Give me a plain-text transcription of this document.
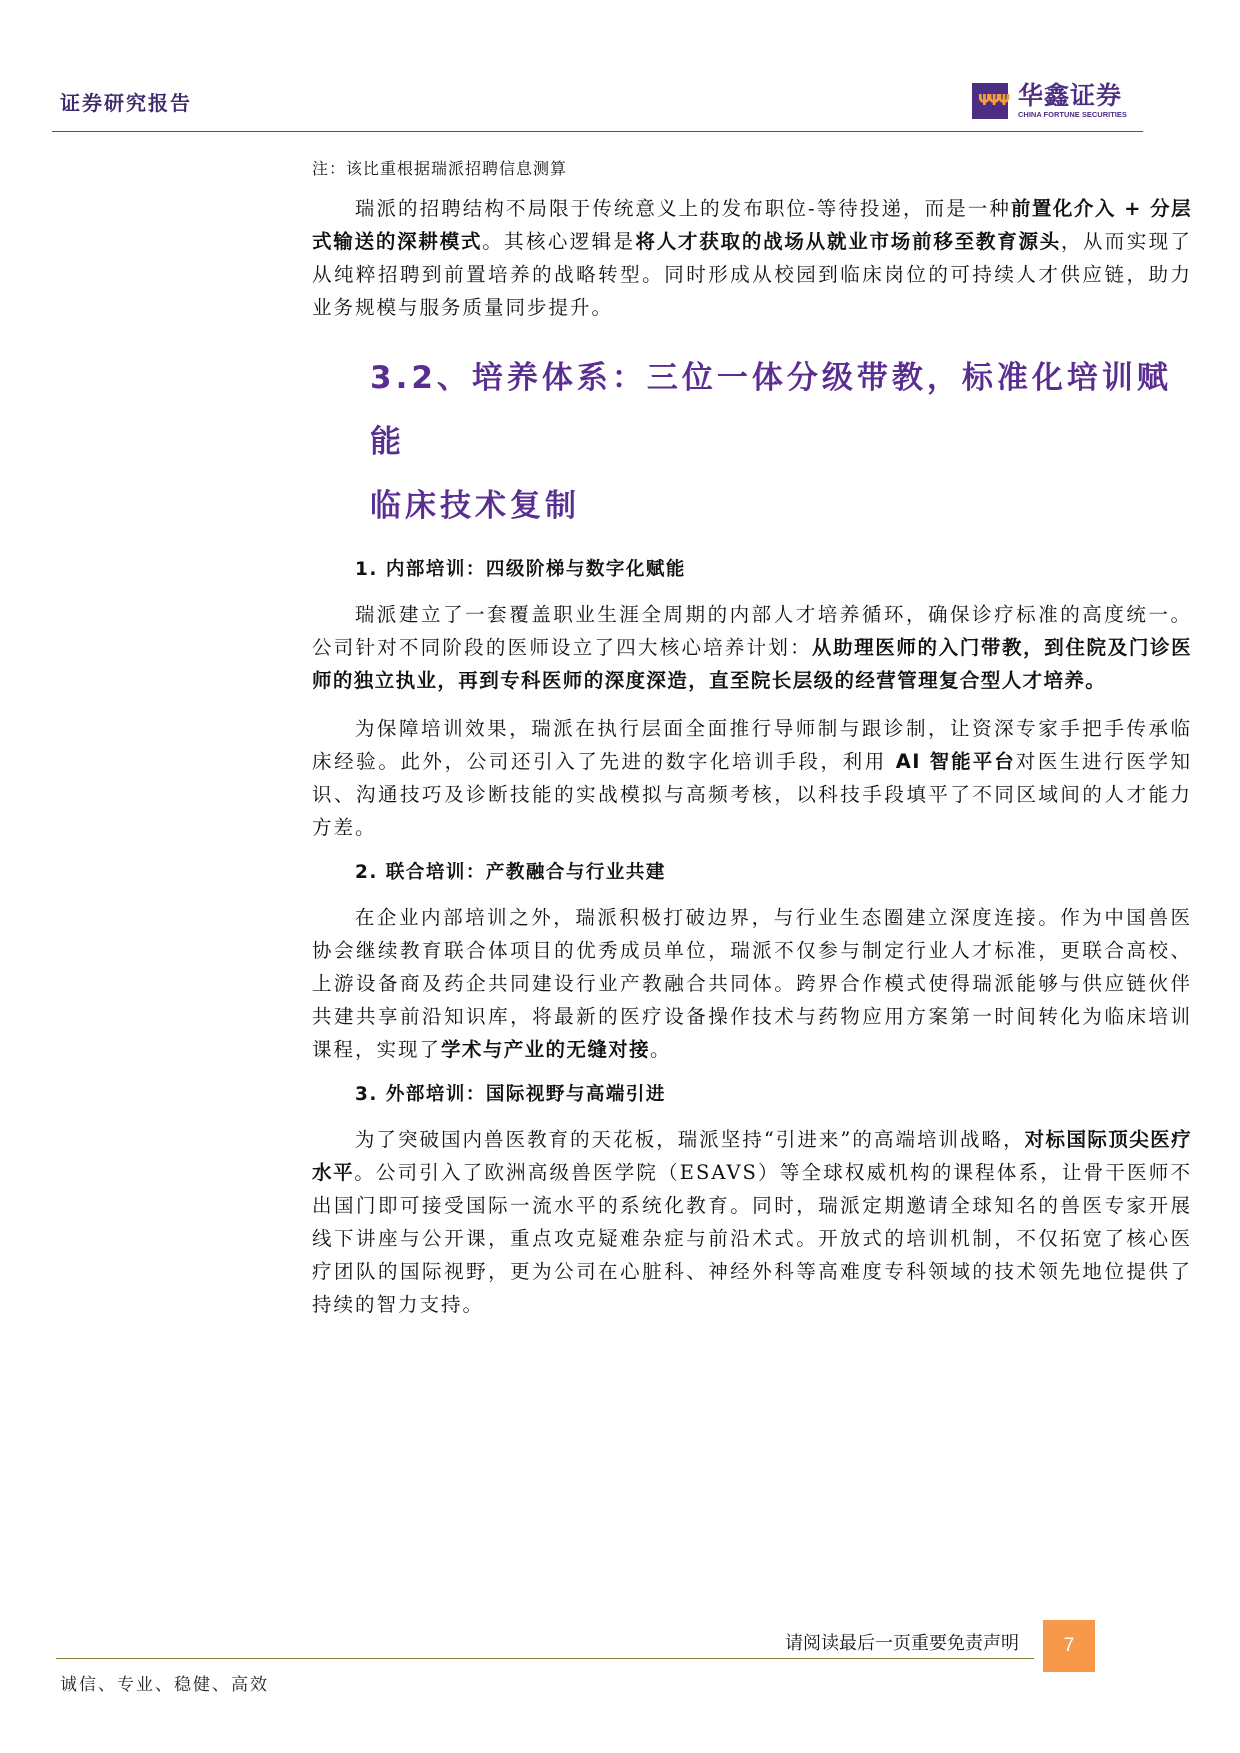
证券研究报告	ΨΨΨ 华鑫证券
CHINA FORTUNE SECURITIES
注：该比重根据瑞派招聘信息测算
瑞派的招聘结构不局限于传统意义上的发布职位-等待投递，而是一种前置化介入 + 分层式输送的深耕模式。其核心逻辑是将人才获取的战场从就业市场前移至教育源头，从而实现了从纯粹招聘到前置培养的战略转型。同时形成从校园到临床岗位的可持续人才供应链，助力业务规模与服务质量同步提升。
3.2、培养体系：三位一体分级带教，标准化培训赋能
临床技术复制
1. 内部培训：四级阶梯与数字化赋能
瑞派建立了一套覆盖职业生涯全周期的内部人才培养循环，确保诊疗标准的高度统一。公司针对不同阶段的医师设立了四大核心培养计划：从助理医师的入门带教，到住院及门诊医师的独立执业，再到专科医师的深度深造，直至院长层级的经营管理复合型人才培养。
为保障培训效果，瑞派在执行层面全面推行导师制与跟诊制，让资深专家手把手传承临床经验。此外，公司还引入了先进的数字化培训手段，利用 AI 智能平台对医生进行医学知识、沟通技巧及诊断技能的实战模拟与高频考核，以科技手段填平了不同区域间的人才能力方差。
2. 联合培训：产教融合与行业共建
在企业内部培训之外，瑞派积极打破边界，与行业生态圈建立深度连接。作为中国兽医协会继续教育联合体项目的优秀成员单位，瑞派不仅参与制定行业人才标准，更联合高校、上游设备商及药企共同建设行业产教融合共同体。跨界合作模式使得瑞派能够与供应链伙伴共建共享前沿知识库，将最新的医疗设备操作技术与药物应用方案第一时间转化为临床培训课程，实现了学术与产业的无缝对接。
3. 外部培训：国际视野与高端引进
为了突破国内兽医教育的天花板，瑞派坚持“引进来”的高端培训战略，对标国际顶尖医疗水平。公司引入了欧洲高级兽医学院（ESAVS）等全球权威机构的课程体系，让骨干医师不出国门即可接受国际一流水平的系统化教育。同时，瑞派定期邀请全球知名的兽医专家开展线下讲座与公开课，重点攻克疑难杂症与前沿术式。开放式的培训机制，不仅拓宽了核心医疗团队的国际视野，更为公司在心脏科、神经外科等高难度专科领域的技术领先地位提供了持续的智力支持。
请阅读最后一页重要免责声明	7
诚信、专业、稳健、高效
